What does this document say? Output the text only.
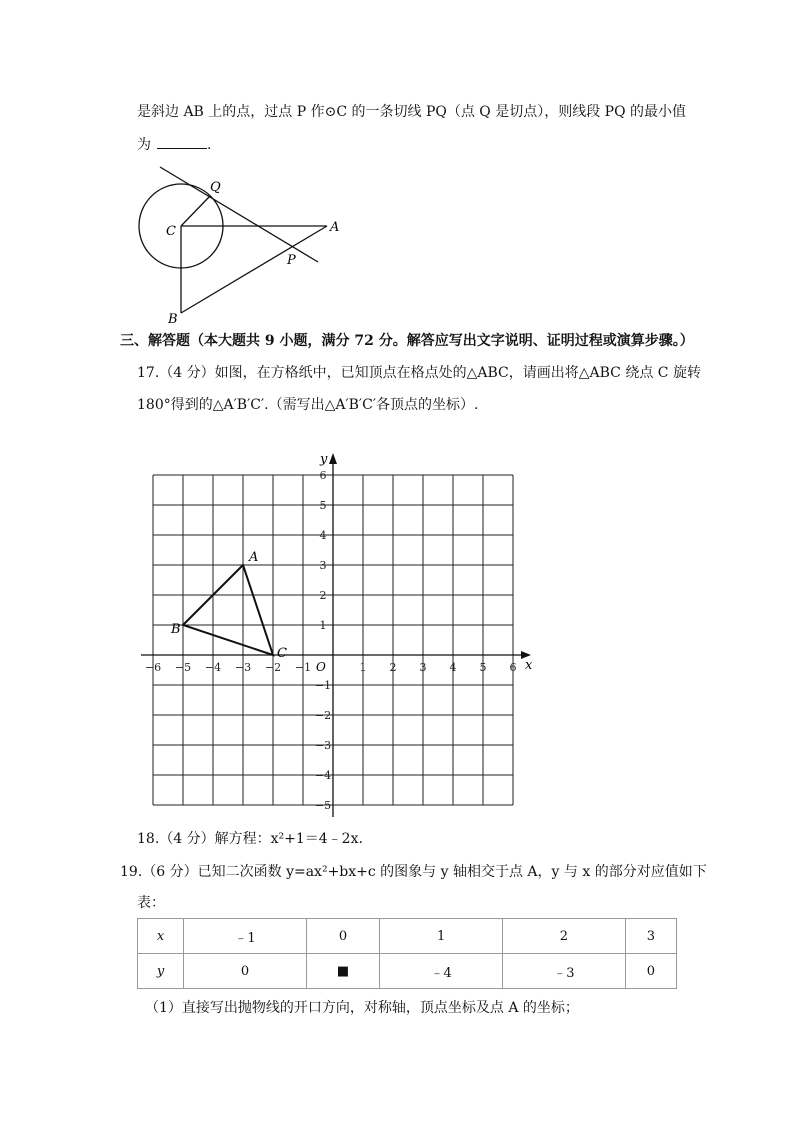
是斜边 AB 上的点，过点 P 作⊙C 的一条切线 PQ（点 Q 是切点），则线段 PQ 的最小值
为	.
Q
C	A
P
B
三、解答题（本大题共 9 小题，满分 72 分。解答应写出文字说明、证明过程或演算步骤。）
17.（4 分）如图，在方格纸中，已知顶点在格点处的△ABC，请画出将△ABC 绕点 C 旋转
180°得到的△A′B′C′.（需写出△A′B′C′各顶点的坐标）.
x
y
O
−6 −5 −4 −3 −2 −1	1 2 3 4 5 6
6
5
4
3
2
1
−1
−2
−3
−4
−5
A
B
C
18.（4 分）解方程：x²+1＝4﹣2x.
19.（6 分）已知二次函数 y=ax²+bx+c 的图象与 y 轴相交于点 A，y 与 x 的部分对应值如下
表：
x	﹣1	0	1	2	3
y	0	■	﹣4	﹣3	0
（1）直接写出抛物线的开口方向，对称轴，顶点坐标及点 A 的坐标；
